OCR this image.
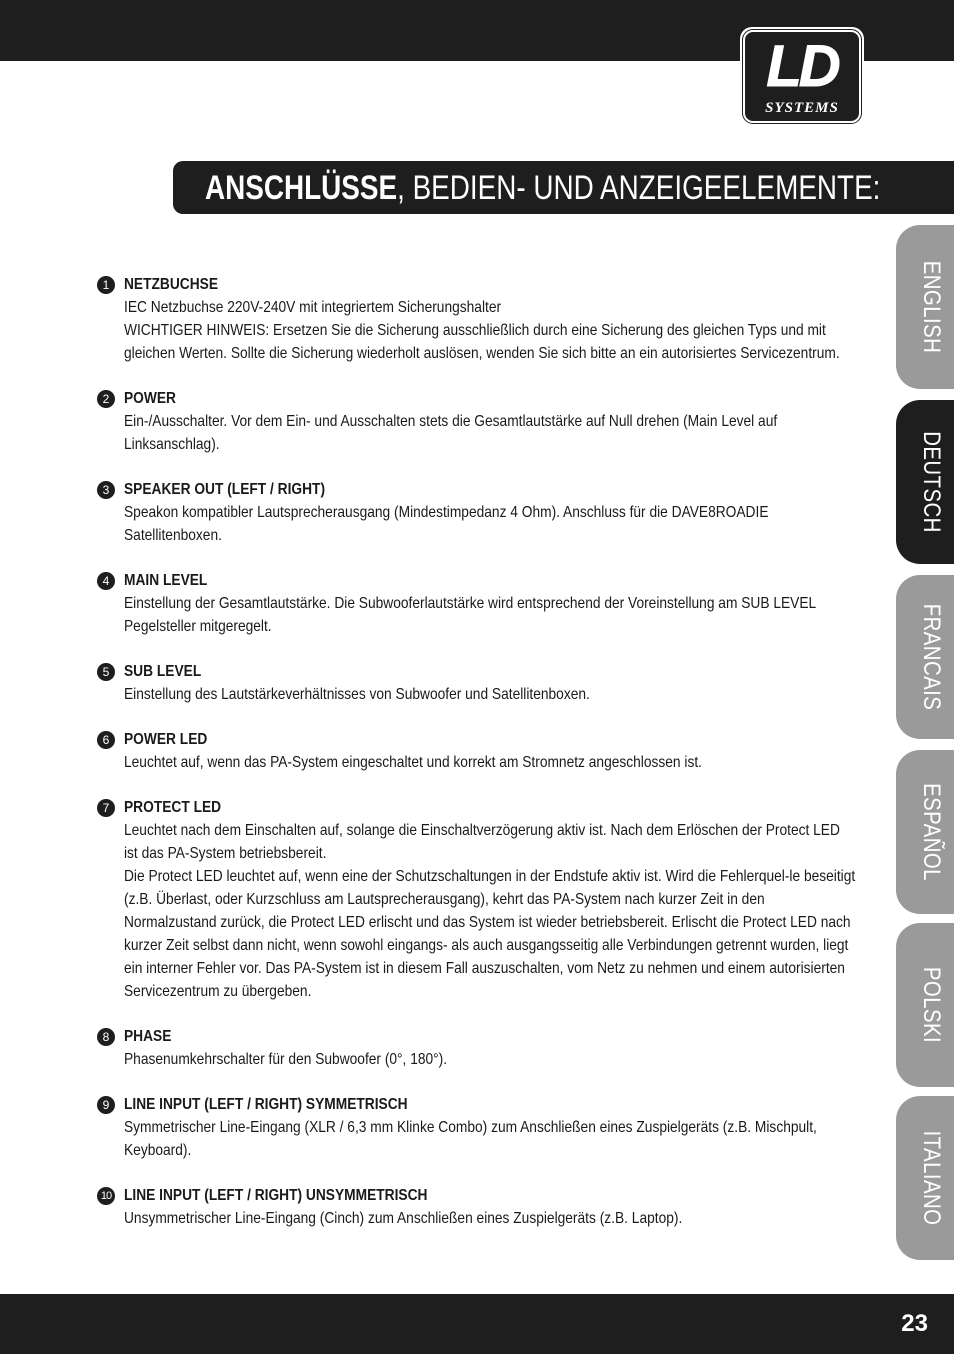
LD
SYSTEMS
ANSCHLÜSSE, BEDIEN- UND ANZEIGEELEMENTE:
ENGLISH
DEUTSCH
FRANCAIS
ESPAÑOL
POLSKI
ITALIANO
1 NETZBUCHSE
IEC Netzbuchse 220V-240V mit integriertem Sicherungshalter
WICHTIGER HINWEIS: Ersetzen Sie die Sicherung ausschließlich durch eine Sicherung des gleichen Typs und mit gleichen Werten. Sollte die Sicherung wiederholt auslösen, wenden Sie sich bitte an ein autorisiertes Servicezentrum.
2 POWER
Ein-/Ausschalter. Vor dem Ein- und Ausschalten stets die Gesamtlautstärke auf Null drehen (Main Level auf Linksanschlag).
3 SPEAKER OUT (LEFT / RIGHT)
Speakon kompatibler Lautsprecherausgang (Mindestimpedanz 4 Ohm). Anschluss für die DAVE8ROADIE Satellitenboxen.
4 MAIN LEVEL
Einstellung der Gesamtlautstärke. Die Subwooferlautstärke wird entsprechend der Voreinstellung am SUB LEVEL Pegelsteller mitgeregelt.
5 SUB LEVEL
Einstellung des Lautstärkeverhältnisses von Subwoofer und Satellitenboxen.
6 POWER LED
Leuchtet auf, wenn das PA-System eingeschaltet und korrekt am Stromnetz angeschlossen ist.
7 PROTECT LED
Leuchtet nach dem Einschalten auf, solange die Einschaltverzögerung aktiv ist. Nach dem Erlöschen der Protect LED ist das PA-System betriebsbereit.
Die Protect LED leuchtet auf, wenn eine der Schutzschaltungen in der Endstufe aktiv ist. Wird die Fehlerquel-le beseitigt (z.B. Überlast, oder Kurzschluss am Lautsprecherausgang), kehrt das PA-System nach kurzer Zeit in den Normalzustand zurück, die Protect LED erlischt und das System ist wieder betriebsbereit. Erlischt die Protect LED nach kurzer Zeit selbst dann nicht, wenn sowohl eingangs- als auch ausgangsseitig alle Verbindungen getrennt wurden, liegt ein interner Fehler vor. Das PA-System ist in diesem Fall auszuschalten, vom Netz zu nehmen und einem autorisierten Servicezentrum zu übergeben.
8 PHASE
Phasenumkehrschalter für den Subwoofer (0°, 180°).
9 LINE INPUT (LEFT / RIGHT) SYMMETRISCH
Symmetrischer Line-Eingang (XLR / 6,3 mm Klinke Combo) zum Anschließen eines Zuspielgeräts (z.B. Mischpult, Keyboard).
10 LINE INPUT (LEFT / RIGHT) UNSYMMETRISCH
Unsymmetrischer Line-Eingang (Cinch) zum Anschließen eines Zuspielgeräts (z.B. Laptop).
23
